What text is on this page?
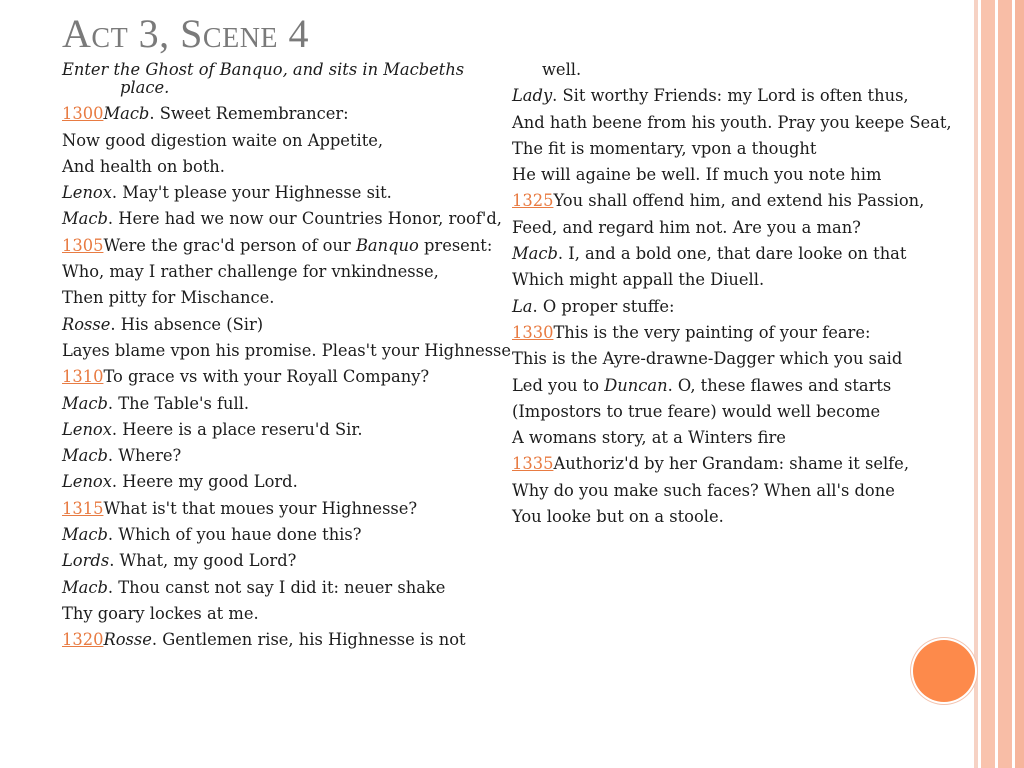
Act 3, Scene 4

Enter the Ghost of Banquo, and sits in Macbeths place.

1300Macb. Sweet Remembrancer:

Now good digestion waite on Appetite,

And health on both.

Lenox. May't please your Highnesse sit.

Macb. Here had we now our Countries Honor, roof'd,

1305Were the grac'd person of our Banquo present:

Who, may I rather challenge for vnkindnesse,

Then pitty for Mischance.

Rosse. His absence (Sir)

Layes blame vpon his promise. Pleas't your Highnesse

1310To grace vs with your Royall Company?

Macb. The Table's full.

Lenox. Heere is a place reseru'd Sir.

Macb. Where?

Lenox. Heere my good Lord.

1315What is't that moues your Highnesse?

Macb. Which of you haue done this?

Lords. What, my good Lord?

Macb. Thou canst not say I did it: neuer shake

Thy goary lockes at me.

1320Rosse. Gentlemen rise, his Highnesse is not

well.

Lady. Sit worthy Friends: my Lord is often thus,

And hath beene from his youth. Pray you keepe Seat,

The fit is momentary, vpon a thought

He will againe be well. If much you note him

1325You shall offend him, and extend his Passion,

Feed, and regard him not. Are you a man?

Macb. I, and a bold one, that dare looke on that

Which might appall the Diuell.

La. O proper stuffe:

1330This is the very painting of your feare:

This is the Ayre-drawne-Dagger which you said

Led you to Duncan. O, these flawes and starts

(Impostors to true feare) would well become

A womans story, at a Winters fire

1335Authoriz'd by her Grandam: shame it selfe,

Why do you make such faces? When all's done

You looke but on a stoole.
